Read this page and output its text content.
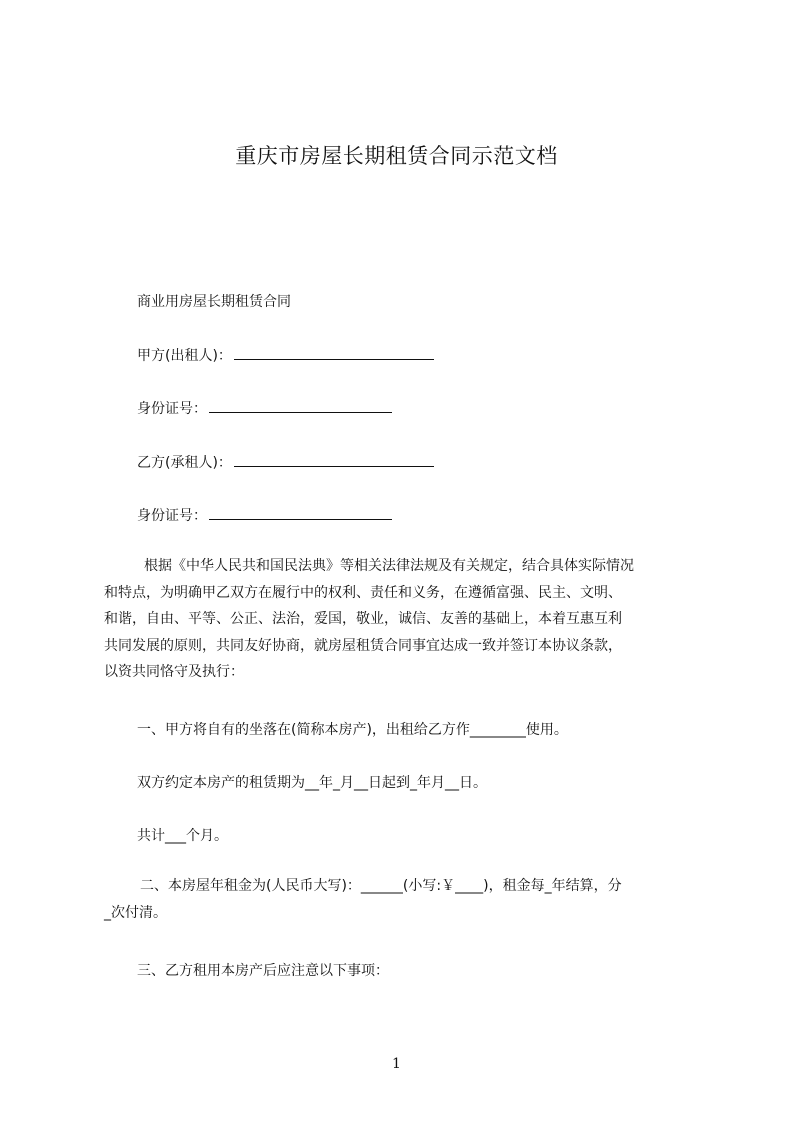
重庆市房屋长期租赁合同示范文档
商业用房屋长期租赁合同
甲方(出租人)：
身份证号：
乙方(承租人)：
身份证号：
根据《中华人民共和国民法典》等相关法律法规及有关规定，结合具体实际情况
和特点，为明确甲乙双方在履行中的权利、责任和义务，在遵循富强、民主、文明、
和谐，自由、平等、公正、法治，爱国，敬业，诚信、友善的基础上，本着互惠互利
共同发展的原则，共同友好协商，就房屋租赁合同事宜达成一致并签订本协议条款，
以资共同恪守及执行：
一、甲方将自有的坐落在(简称本房产)，出租给乙方作________使用。
双方约定本房产的租赁期为__年_月__日起到_年月__日。
共计___个月。
二、本房屋年租金为(人民币大写)：______(小写:￥____)，租金每_年结算，分
_次付清。
三、乙方租用本房产后应注意以下事项：
1
